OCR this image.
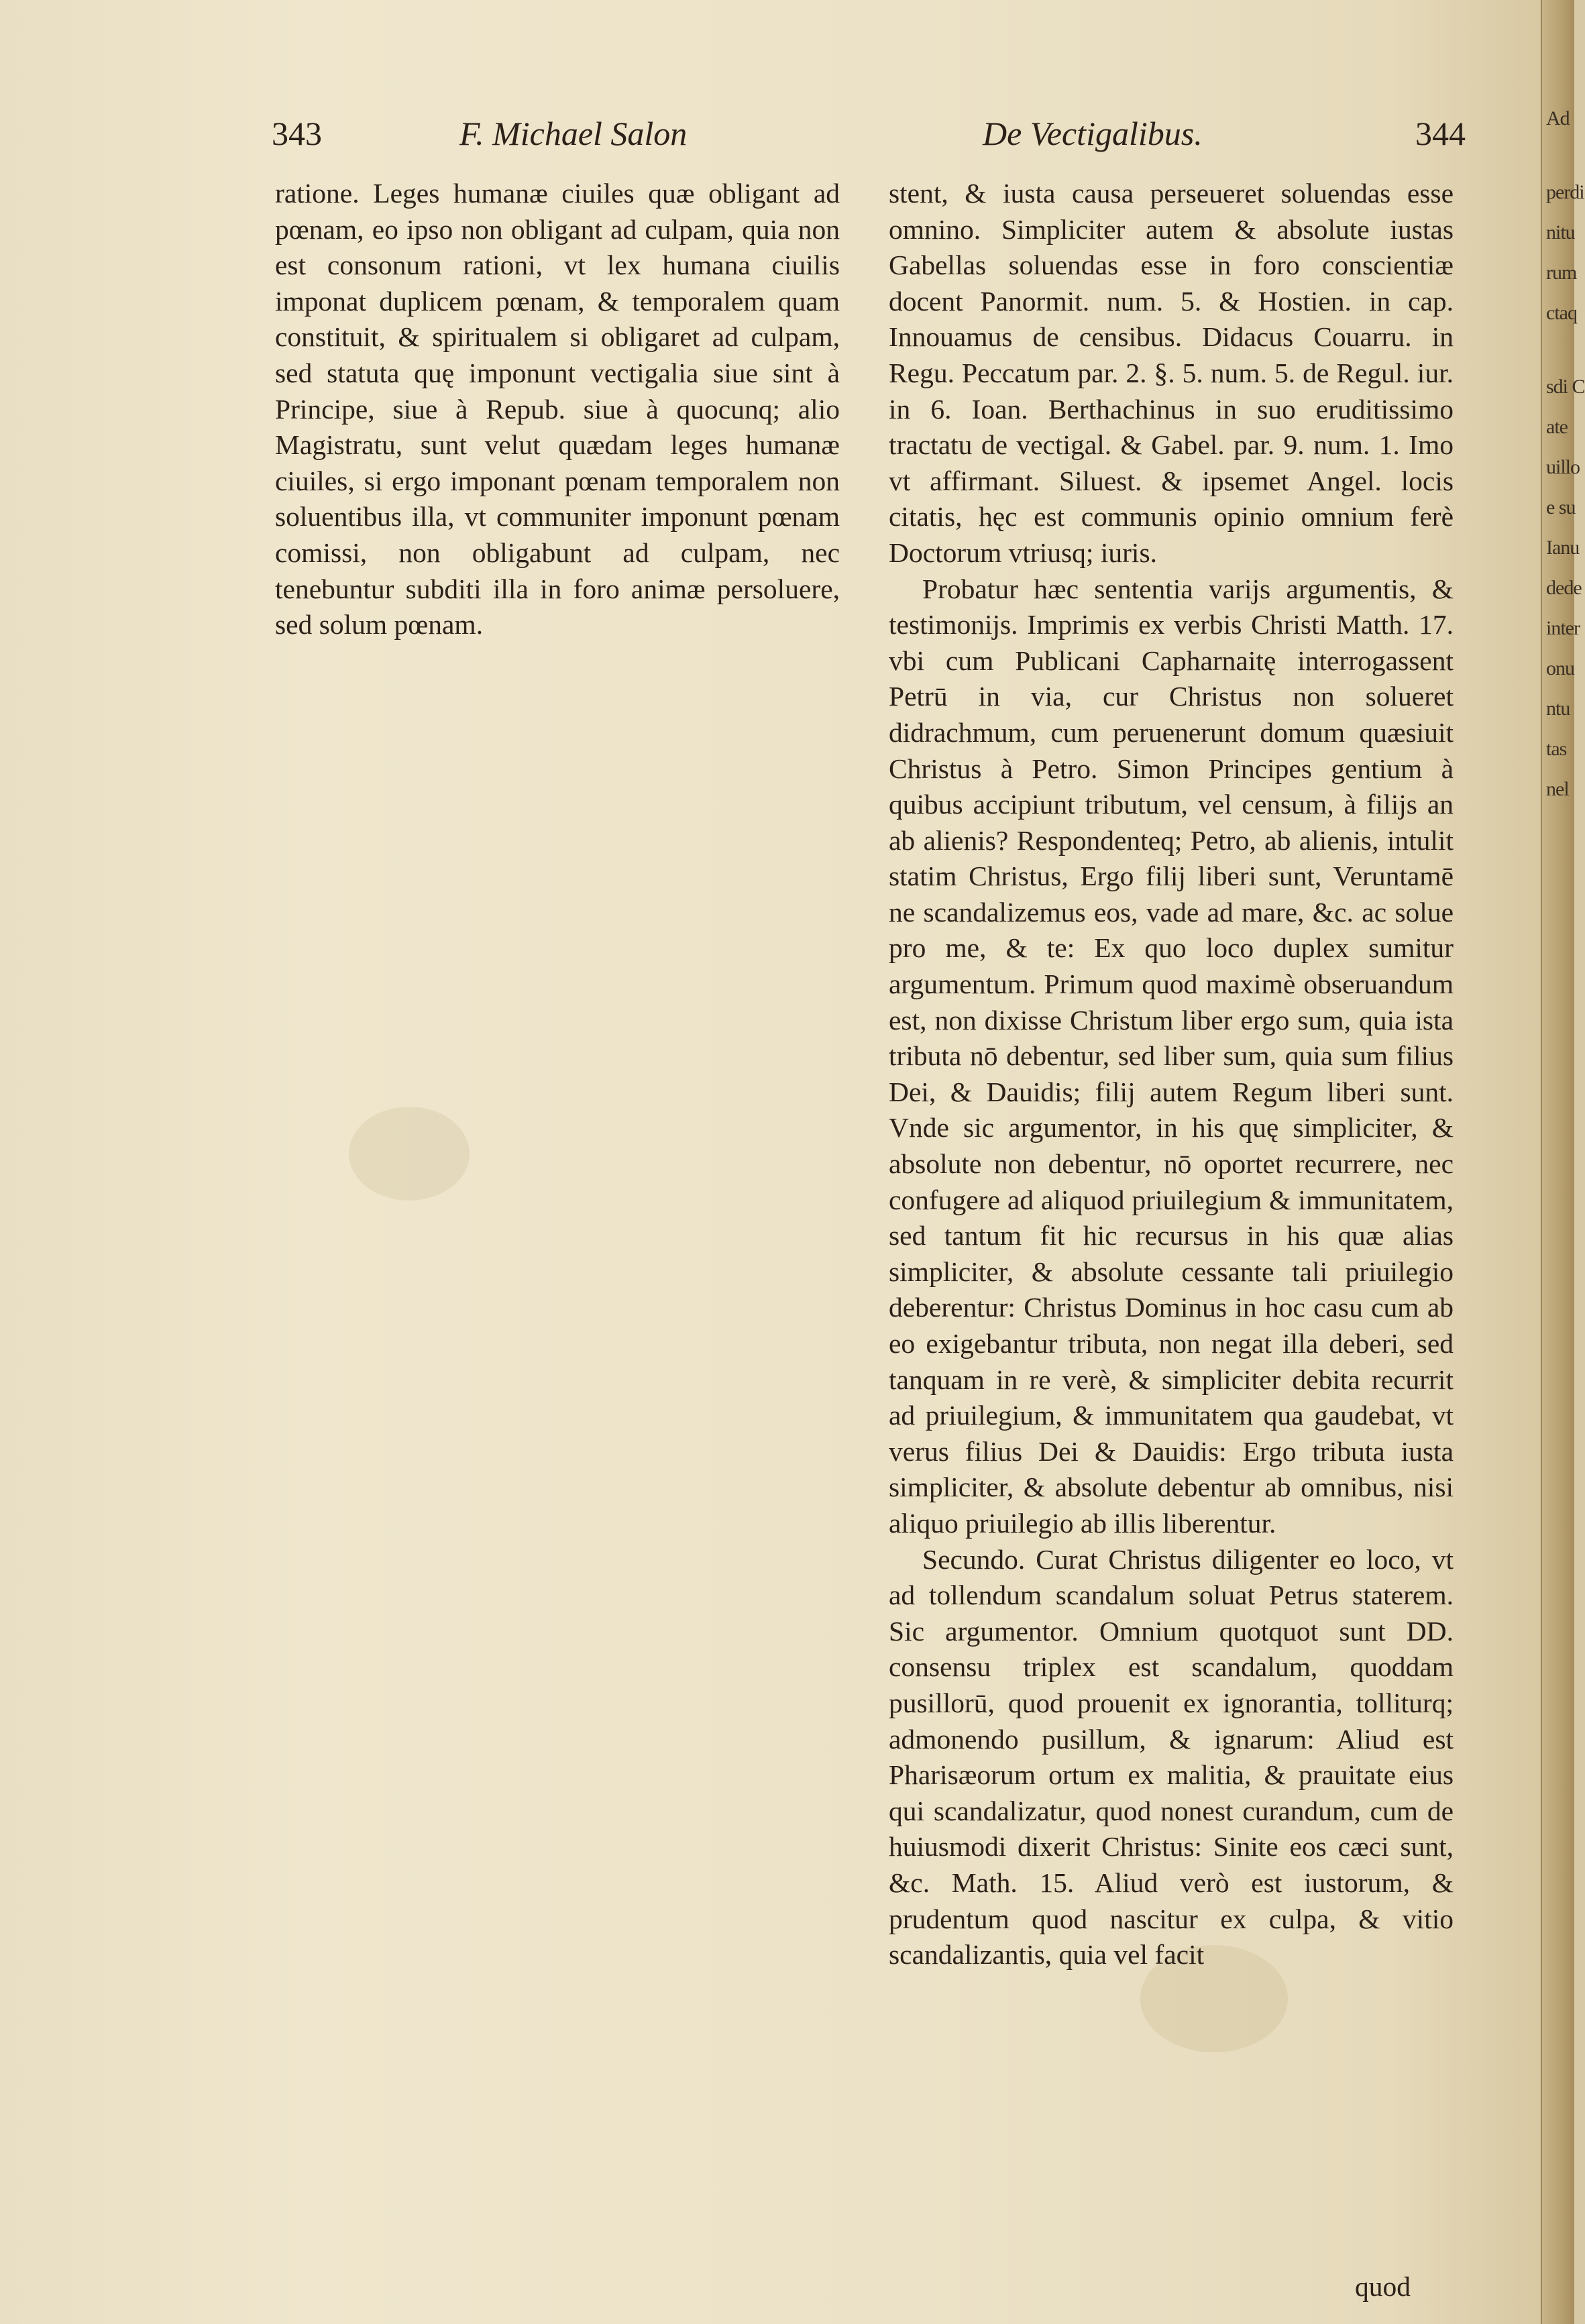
343	F. Michael Salon	De Vectigalibus.	344

ratione. Leges humanæ ciuiles quæ obligant ad pœnam, eo ipso non obligant ad culpam, quia non est consonum rationi, vt lex humana ciuilis imponat duplicem pœnam, & temporalem quam constituit, & spiritualem si obligaret ad culpam, sed statuta quę imponunt vectigalia siue sint à Principe, siue à Repub. siue à quocunq; alio Magistratu, sunt velut quædam leges humanæ ciuiles, si ergo imponant pœnam temporalem non soluentibus illa, vt communiter imponunt pœnam comissi, non obligabunt ad culpam, nec tenebuntur subditi illa in foro animæ persoluere, sed solum pœnam.

stent, & iusta causa perseueret soluendas esse omnino. Simpliciter autem & absolute iustas Gabellas soluendas esse in foro conscientiæ docent Panormit. num. 5. & Hostien. in cap. Innouamus de censibus. Didacus Couarru. in Regu. Peccatum par. 2. §. 5. num. 5. de Regul. iur. in 6. Ioan. Berthachinus in suo eruditissimo tractatu de vectigal. & Gabel. par. 9. num. 1. Imo vt affirmant. Siluest. & ipsemet Angel. locis citatis, hęc est communis opinio omnium ferè Doctorum vtriusq; iuris.

Probatur hæc sententia varijs argumentis, & testimonijs. Imprimis ex verbis Christi Matth. 17. vbi cum Publicani Capharnaitę interrogassent Petrū in via, cur Christus non solueret didrachmum, cum peruenerunt domum quæsiuit Christus à Petro. Simon Principes gentium à quibus accipiunt tributum, vel censum, à filijs an ab alienis? Respondenteq; Petro, ab alienis, intulit statim Christus, Ergo filij liberi sunt, Veruntamē ne scandalizemus eos, vade ad mare, &c. ac solue pro me, & te: Ex quo loco duplex sumitur argumentum. Primum quod maximè obseruandum est, non dixisse Christum liber ergo sum, quia ista tributa nō debentur, sed liber sum, quia sum filius Dei, & Dauidis; filij autem Regum liberi sunt. Vnde sic argumentor, in his quę simpliciter, & absolute non debentur, nō oportet recurrere, nec confugere ad aliquod priuilegium & immunitatem, sed tantum fit hic recursus in his quæ alias simpliciter, & absolute cessante tali priuilegio deberentur: Christus Dominus in hoc casu cum ab eo exigebantur tributa, non negat illa deberi, sed tanquam in re verè, & simpliciter debita recurrit ad priuilegium, & immunitatem qua gaudebat, vt verus filius Dei & Dauidis: Ergo tributa iusta simpliciter, & absolute debentur ab omnibus, nisi aliquo priuilegio ab illis liberentur.

Secundo. Curat Christus diligenter eo loco, vt ad tollendum scandalum soluat Petrus staterem. Sic argumentor. Omnium quotquot sunt DD. consensu triplex est scandalum, quoddam pusillorū, quod prouenit ex ignorantia, tolliturq; admonendo pusillum, & ignarum: Aliud est Pharisæorum ortum ex malitia, & prauitate eius qui scandalizatur, quod nonest curandum, cum de huiusmodi dixerit Christus: Sinite eos cæci sunt, &c. Math. 15. Aliud verò est iustorum, & prudentum quod nascitur ex culpa, & vitio scandalizantis, quia vel facit

quod
Ad
perdi
nitu
rum
ctaq
sdi C
ate
uillo
e su
Ianu
dede
inter
onu
ntu
tas
nel
